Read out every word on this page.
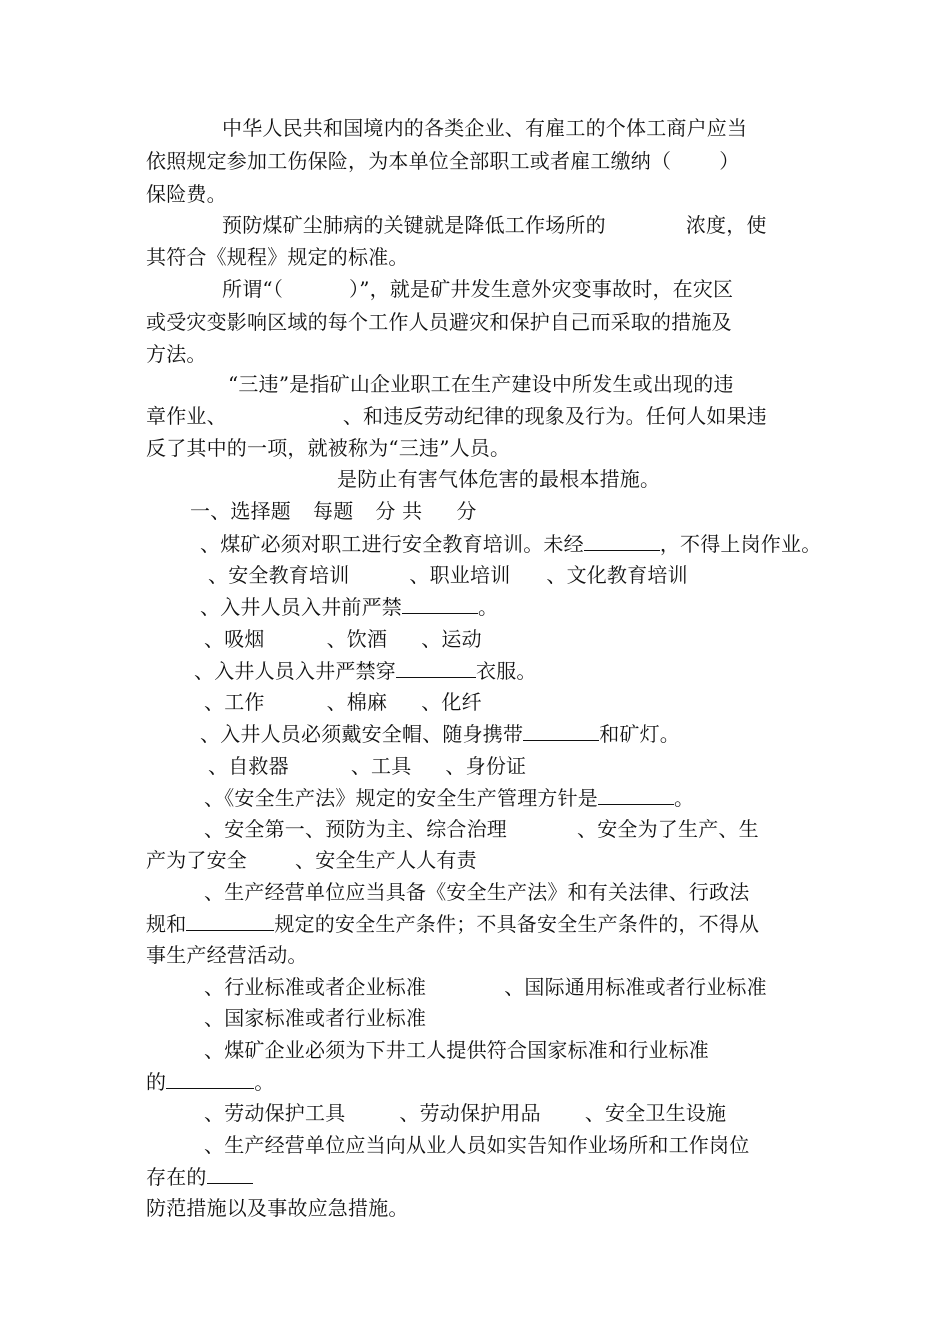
中华人民共和国境内的各类企业、有雇工的个体工商户应当
依照规定参加工伤保险，为本单位全部职工或者雇工缴纳（ ）
保险费。
预防煤矿尘肺病的关键就是降低工作场所的	浓度，使
其符合《规程》规定的标准。
所谓“（	）”，就是矿井发生意外灾变事故时，在灾区
或受灾变影响区域的每个工作人员避灾和保护自己而采取的措施及
方法。
“三违”是指矿山企业职工在生产建设中所发生或出现的违
章作业、	、和违反劳动纪律的现象及行为。任何人如果违
反了其中的一项，就被称为“三违”人员。
是防止有害气体危害的最根本措施。
一、选择题 每题 分 共 分
、煤矿必须对职工进行安全教育培训。未经	，不得上岗作业。
、安全教育培训	、职业培训 、文化教育培训
、入井人员入井前严禁	。
、吸烟	、饮酒 、运动
、入井人员入井严禁穿	衣服。
、工作	、棉麻 、化纤
、入井人员必须戴安全帽、随身携带	和矿灯。
、自救器	、工具 、身份证
、《安全生产法》规定的安全生产管理方针是	。
、安全第一、预防为主、综合治理	、安全为了生产、生
产为了安全 、安全生产人人有责
、生产经营单位应当具备《安全生产法》和有关法律、行政法
规和	规定的安全生产条件；不具备安全生产条件的，不得从
事生产经营活动。
、行业标准或者企业标准	、国际通用标准或者行业标准
、国家标准或者行业标准
、煤矿企业必须为下井工人提供符合国家标准和行业标准
的	。
、劳动保护工具	、劳动保护用品 、安全卫生设施
、生产经营单位应当向从业人员如实告知作业场所和工作岗位
存在的
防范措施以及事故应急措施。
